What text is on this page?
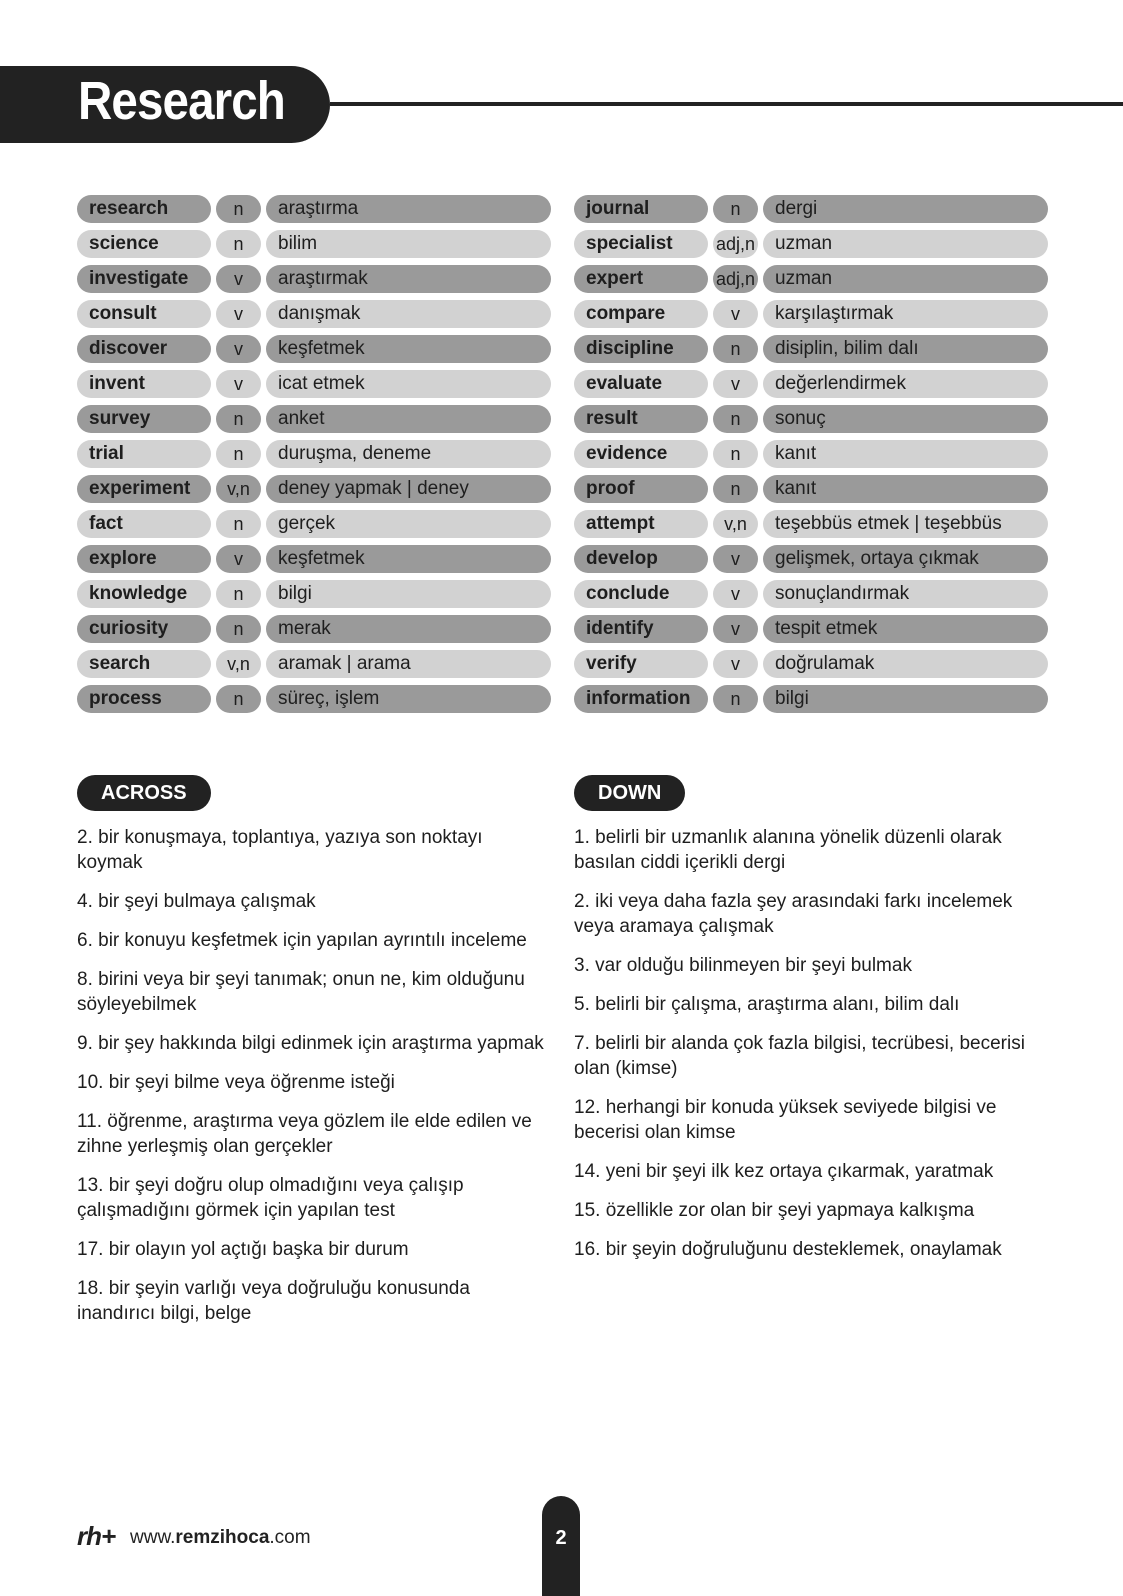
Research
research	n	araştırma
science	n	bilim
investigate	v	araştırmak
consult	v	danışmak
discover	v	keşfetmek
invent	v	icat etmek
survey	n	anket
trial	n	duruşma, deneme
experiment	v,n	deney yapmak | deney
fact	n	gerçek
explore	v	keşfetmek
knowledge	n	bilgi
curiosity	n	merak
search	v,n	aramak | arama
process	n	süreç, işlem
journal	n	dergi
specialist	adj,n	uzman
expert	adj,n	uzman
compare	v	karşılaştırmak
discipline	n	disiplin, bilim dalı
evaluate	v	değerlendirmek
result	n	sonuç
evidence	n	kanıt
proof	n	kanıt
attempt	v,n	teşebbüs etmek | teşebbüs
develop	v	gelişmek, ortaya çıkmak
conclude	v	sonuçlandırmak
identify	v	tespit etmek
verify	v	doğrulamak
information	n	bilgi
ACROSS
2. bir konuşmaya, toplantıya, yazıya son noktayı koymak
4. bir şeyi bulmaya çalışmak
6. bir konuyu keşfetmek için yapılan ayrıntılı inceleme
8. birini veya bir şeyi tanımak; onun ne, kim olduğunu söyleyebilmek
9. bir şey hakkında bilgi edinmek için araştırma yapmak
10. bir şeyi bilme veya öğrenme isteği
11. öğrenme, araştırma veya gözlem ile elde edilen ve zihne yerleşmiş olan gerçekler
13. bir şeyi doğru olup olmadığını veya çalışıp çalışmadığını görmek için yapılan test
17. bir olayın yol açtığı başka bir durum
18. bir şeyin varlığı veya doğruluğu konusunda inandırıcı bilgi, belge
DOWN
1. belirli bir uzmanlık alanına yönelik düzenli olarak basılan ciddi içerikli dergi
2. iki veya daha fazla şey arasındaki farkı incelemek veya aramaya çalışmak
3. var olduğu bilinmeyen bir şeyi bulmak
5. belirli bir çalışma, araştırma alanı, bilim dalı
7. belirli bir alanda çok fazla bilgisi, tecrübesi, becerisi olan (kimse)
12. herhangi bir konuda yüksek seviyede bilgisi ve becerisi olan kimse
14. yeni bir şeyi ilk kez ortaya çıkarmak, yaratmak
15. özellikle zor olan bir şeyi yapmaya kalkışma
16. bir şeyin doğruluğunu desteklemek, onaylamak
rh+ www.remzihoca.com	2
